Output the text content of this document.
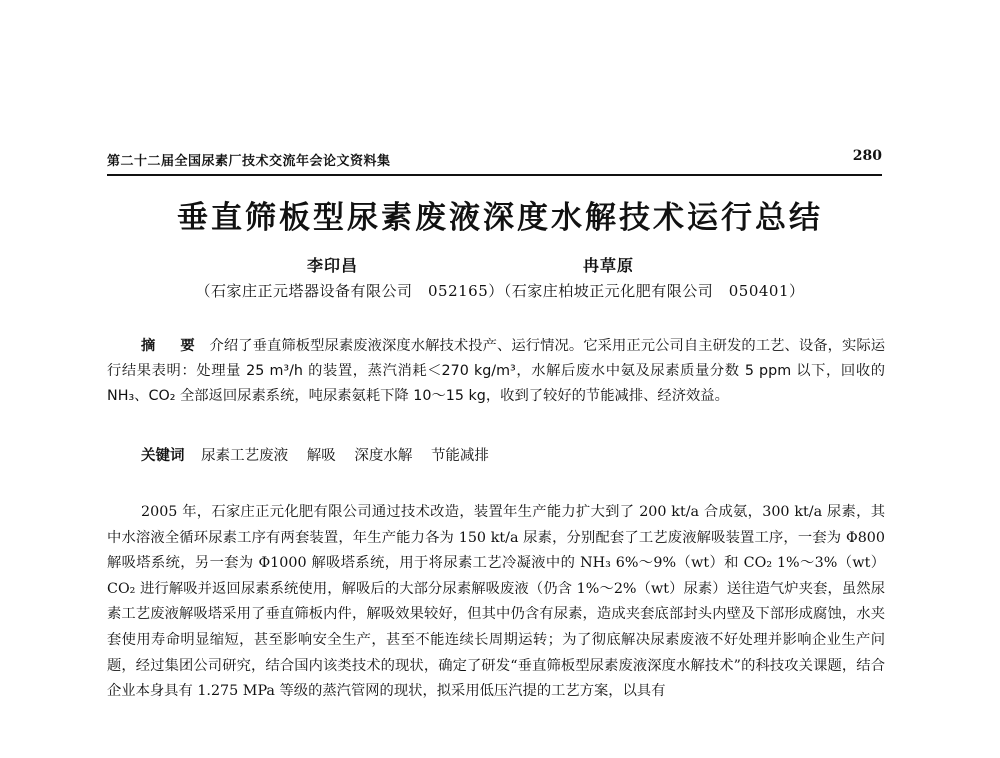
第二十二届全国尿素厂技术交流年会论文资料集	280
垂直筛板型尿素废液深度水解技术运行总结
李印昌	冉草原
（石家庄正元塔器设备有限公司　052165）（石家庄柏坡正元化肥有限公司　050401）
摘 要 介绍了垂直筛板型尿素废液深度水解技术投产、运行情况。它采用正元公司自主研发的工艺、设备，实际运行结果表明：处理量 25 m³/h 的装置，蒸汽消耗＜270 kg/m³，水解后废水中氨及尿素质量分数 5 ppm 以下，回收的 NH₃、CO₂ 全部返回尿素系统，吨尿素氨耗下降 10～15 kg，收到了较好的节能减排、经济效益。
关键词 尿素工艺废液 解吸 深度水解 节能减排

2005 年，石家庄正元化肥有限公司通过技术改造，装置年生产能力扩大到了 200 kt/a 合成氨，300 kt/a 尿素，其中水溶液全循环尿素工序有两套装置，年生产能力各为 150 kt/a 尿素，分别配套了工艺废液解吸装置工序，一套为 Φ800 解吸塔系统，另一套为 Φ1000 解吸塔系统，用于将尿素工艺冷凝液中的 NH₃ 6%～9%（wt）和 CO₂ 1%～3%（wt）CO₂ 进行解吸并返回尿素系统使用，解吸后的大部分尿素解吸废液（仍含 1%～2%（wt）尿素）送往造气炉夹套，虽然尿素工艺废液解吸塔采用了垂直筛板内件，解吸效果较好，但其中仍含有尿素，造成夹套底部封头内壁及下部形成腐蚀，水夹套使用寿命明显缩短，甚至影响安全生产，甚至不能连续长周期运转；为了彻底解决尿素废液不好处理并影响企业生产问题，经过集团公司研究，结合国内该类技术的现状，确定了研发“垂直筛板型尿素废液深度水解技术”的科技攻关课题，结合企业本身具有 1.275 MPa 等级的蒸汽管网的现状，拟采用低压汽提的工艺方案，以具有
